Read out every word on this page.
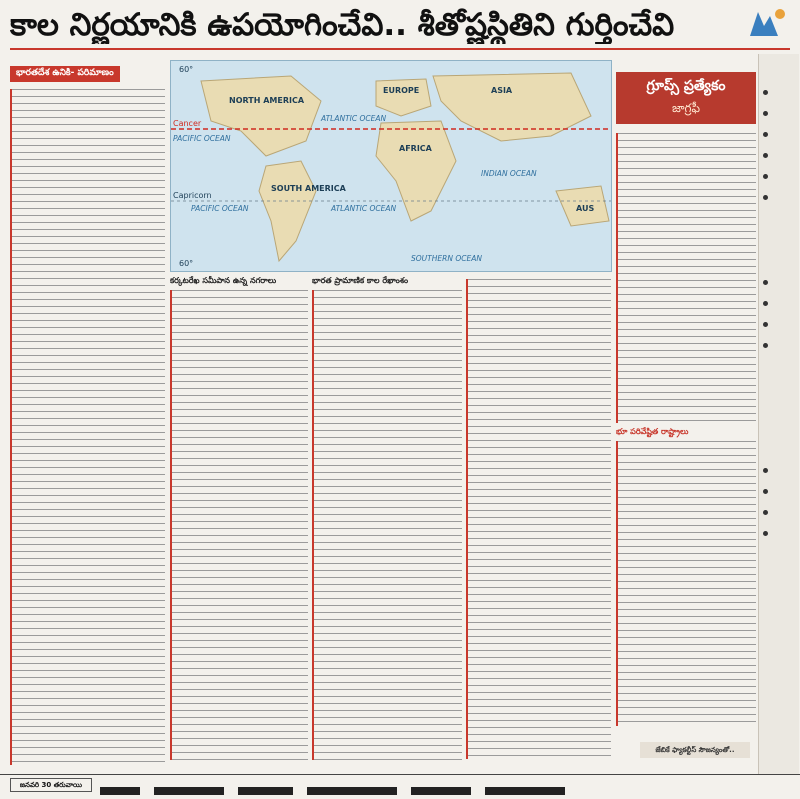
కాల నిర్ణయానికి ఉపయోగించేవి.. శీతోష్ణస్థితిని గుర్తించేవి
భారతదేశ ఉనికి- పరిమాణం
Cancer
Capricorn
60°
60°
NORTH AMERICA
EUROPE	ASIA
AFRICA
SOUTH AMERICA
AUS
ATLANTIC OCEAN
PACIFIC OCEAN
INDIAN OCEAN
ATLANTIC OCEAN
PACIFIC OCEAN
SOUTHERN OCEAN
గ్రూప్స్ ప్రత్యేకం
జాగ్రఫీ
కర్కటరేఖ సమీపాన ఉన్న నగరాలు	భారత ప్రామాణిక కాల రేఖాంశం
భూ పరివేష్టిత రాష్ట్రాలు
జేబికే ఫ్యాకల్టీస్ సౌజన్యంతో..
జనవరి 30 తరువాయి
